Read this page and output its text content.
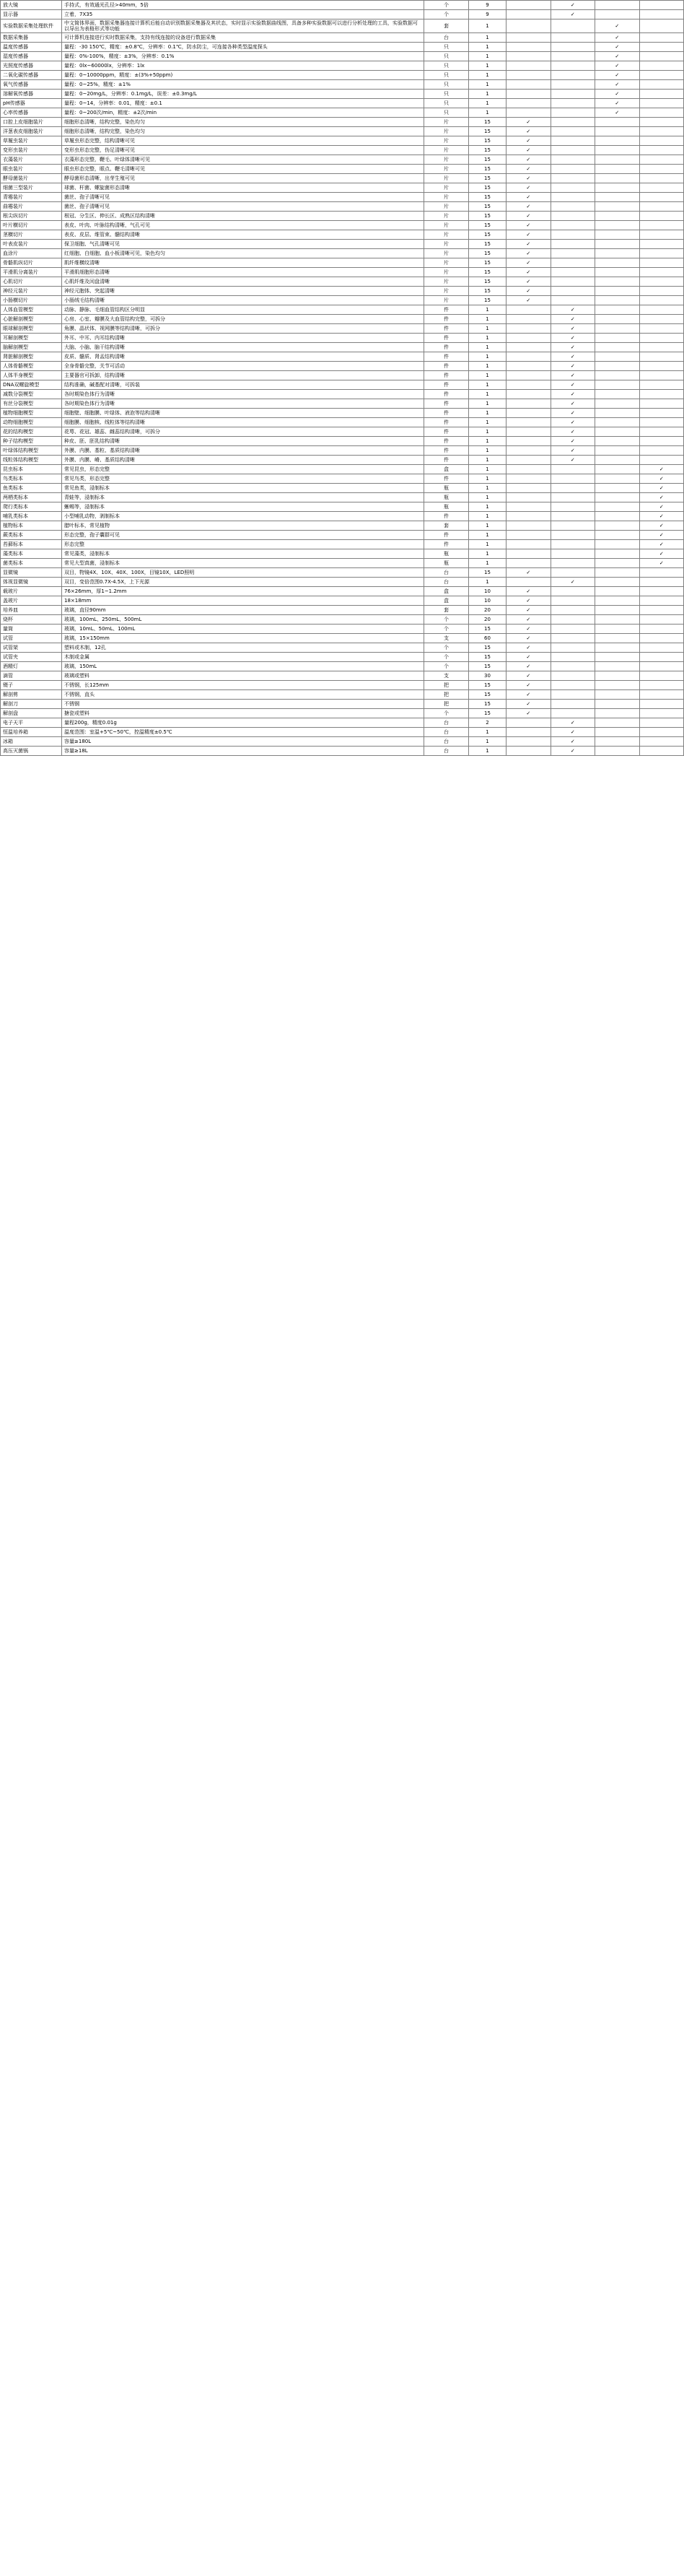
放大镜	手持式，有效通光孔径>40mm，5倍	个	9		✓		
显示器	立着，7X35	个	9		✓		
实验数据采集处理软件	中文简体界面，数据采集器连接计算机后能自动识别数据采集器及其状态，实时显示实验数据曲线图，具备多种实验数据可以进行分析处理的工具，实验数据可以导出为表格形式等功能	套	1			✓	
数据采集器	可计算机连接进行实时数据采集，支持有线连接的设备进行数据采集	台	1			✓	
温度传感器	量程：-30 150℃，精度：±0.8℃，分辨率：0.1℃，防水防尘，可连接各种类型温度探头	只	1			✓	
湿度传感器	量程：0%-100%，精度：±3%，分辨率：0.1%	只	1			✓	
光照度传感器	量程：0lx~60000lx，分辨率：1lx	只	1			✓	
二氧化碳传感器	量程：0~10000ppm，精度：±(3%+50ppm)	只	1			✓	
氧气传感器	量程：0~25%，精度：±1%	只	1			✓	
溶解氧传感器	量程：0~20mg/L，分辨率：0.1mg/L，误差：±0.3mg/L	只	1			✓	
pH传感器	量程：0~14，分辨率：0.01，精度：±0.1	只	1			✓	
心率传感器	量程：0~200次/min，精度：±2次/min	只	1			✓	
口腔上皮细胞装片	细胞形态清晰，结构完整，染色均匀	片	15	✓			
洋葱表皮细胞装片	细胞形态清晰，结构完整，染色均匀	片	15	✓			
草履虫装片	草履虫形态完整，结构清晰可见	片	15	✓			
变形虫装片	变形虫形态完整，伪足清晰可见	片	15	✓			
衣藻装片	衣藻形态完整，鞭毛、叶绿体清晰可见	片	15	✓			
眼虫装片	眼虫形态完整，眼点、鞭毛清晰可见	片	15	✓			
酵母菌装片	酵母菌形态清晰，出芽生殖可见	片	15	✓			
细菌三型装片	球菌、杆菌、螺旋菌形态清晰	片	15	✓			
青霉装片	菌丝、孢子清晰可见	片	15	✓			
曲霉装片	菌丝、孢子清晰可见	片	15	✓			
根尖纵切片	根冠、分生区、伸长区、成熟区结构清晰	片	15	✓			
叶片横切片	表皮、叶肉、叶脉结构清晰，气孔可见	片	15	✓			
茎横切片	表皮、皮层、维管束、髓结构清晰	片	15	✓			
叶表皮装片	保卫细胞、气孔清晰可见	片	15	✓			
血涂片	红细胞、白细胞、血小板清晰可见，染色均匀	片	15	✓			
骨骼肌纵切片	肌纤维横纹清晰	片	15	✓			
平滑肌分离装片	平滑肌细胞形态清晰	片	15	✓			
心肌切片	心肌纤维及闰盘清晰	片	15	✓			
神经元装片	神经元胞体、突起清晰	片	15	✓			
小肠横切片	小肠绒毛结构清晰	片	15	✓			
人体血管模型	动脉、静脉、毛细血管结构区分明显	件	1		✓		
心脏解剖模型	心房、心室、瓣膜及大血管结构完整，可拆分	件	1		✓		
眼球解剖模型	角膜、晶状体、视网膜等结构清晰，可拆分	件	1		✓		
耳解剖模型	外耳、中耳、内耳结构清晰	件	1		✓		
脑解剖模型	大脑、小脑、脑干结构清晰	件	1		✓		
肾脏解剖模型	皮质、髓质、肾盂结构清晰	件	1		✓		
人体骨骼模型	全身骨骼完整，关节可活动	件	1		✓		
人体半身模型	主要器官可拆卸，结构清晰	件	1		✓		
DNA双螺旋模型	结构准确，碱基配对清晰，可拆装	件	1		✓		
减数分裂模型	各时期染色体行为清晰	件	1		✓		
有丝分裂模型	各时期染色体行为清晰	件	1		✓		
植物细胞模型	细胞壁、细胞膜、叶绿体、液泡等结构清晰	件	1		✓		
动物细胞模型	细胞膜、细胞核、线粒体等结构清晰	件	1		✓		
花的结构模型	花萼、花冠、雄蕊、雌蕊结构清晰，可拆分	件	1		✓		
种子结构模型	种皮、胚、胚乳结构清晰	件	1		✓		
叶绿体结构模型	外膜、内膜、基粒、基质结构清晰	件	1		✓		
线粒体结构模型	外膜、内膜、嵴、基质结构清晰	件	1		✓		
昆虫标本	常见昆虫，形态完整	盒	1				✓
鸟类标本	常见鸟类，形态完整	件	1				✓
鱼类标本	常见鱼类，浸制标本	瓶	1				✓
两栖类标本	青蛙等，浸制标本	瓶	1				✓
爬行类标本	蜥蜴等，浸制标本	瓶	1				✓
哺乳类标本	小型哺乳动物，剥制标本	件	1				✓
植物标本	腊叶标本，常见植物	套	1				✓
蕨类标本	形态完整，孢子囊群可见	件	1				✓
苔藓标本	形态完整	件	1				✓
藻类标本	常见藻类，浸制标本	瓶	1				✓
菌类标本	常见大型真菌，浸制标本	瓶	1				✓
显微镜	双目，物镜4X、10X、40X、100X，目镜10X，LED照明	台	15	✓			
体视显微镜	双目，变倍范围0.7X-4.5X，上下光源	台	1		✓		
载玻片	76×26mm，厚1~1.2mm	盒	10	✓			
盖玻片	18×18mm	盒	10	✓			
培养皿	玻璃，直径90mm	套	20	✓			
烧杯	玻璃，100mL、250mL、500mL	个	20	✓			
量筒	玻璃，10mL、50mL、100mL	个	15	✓			
试管	玻璃，15×150mm	支	60	✓			
试管架	塑料或木制，12孔	个	15	✓			
试管夹	木制或金属	个	15	✓			
酒精灯	玻璃，150mL	个	15	✓			
滴管	玻璃或塑料	支	30	✓			
镊子	不锈钢，长125mm	把	15	✓			
解剖剪	不锈钢，直头	把	15	✓			
解剖刀	不锈钢	把	15	✓			
解剖盘	搪瓷或塑料	个	15	✓			
电子天平	量程200g，精度0.01g	台	2		✓		
恒温培养箱	温度范围：室温+5℃~50℃，控温精度±0.5℃	台	1		✓		
冰箱	容量≥180L	台	1		✓		
高压灭菌锅	容量≥18L	台	1		✓		
